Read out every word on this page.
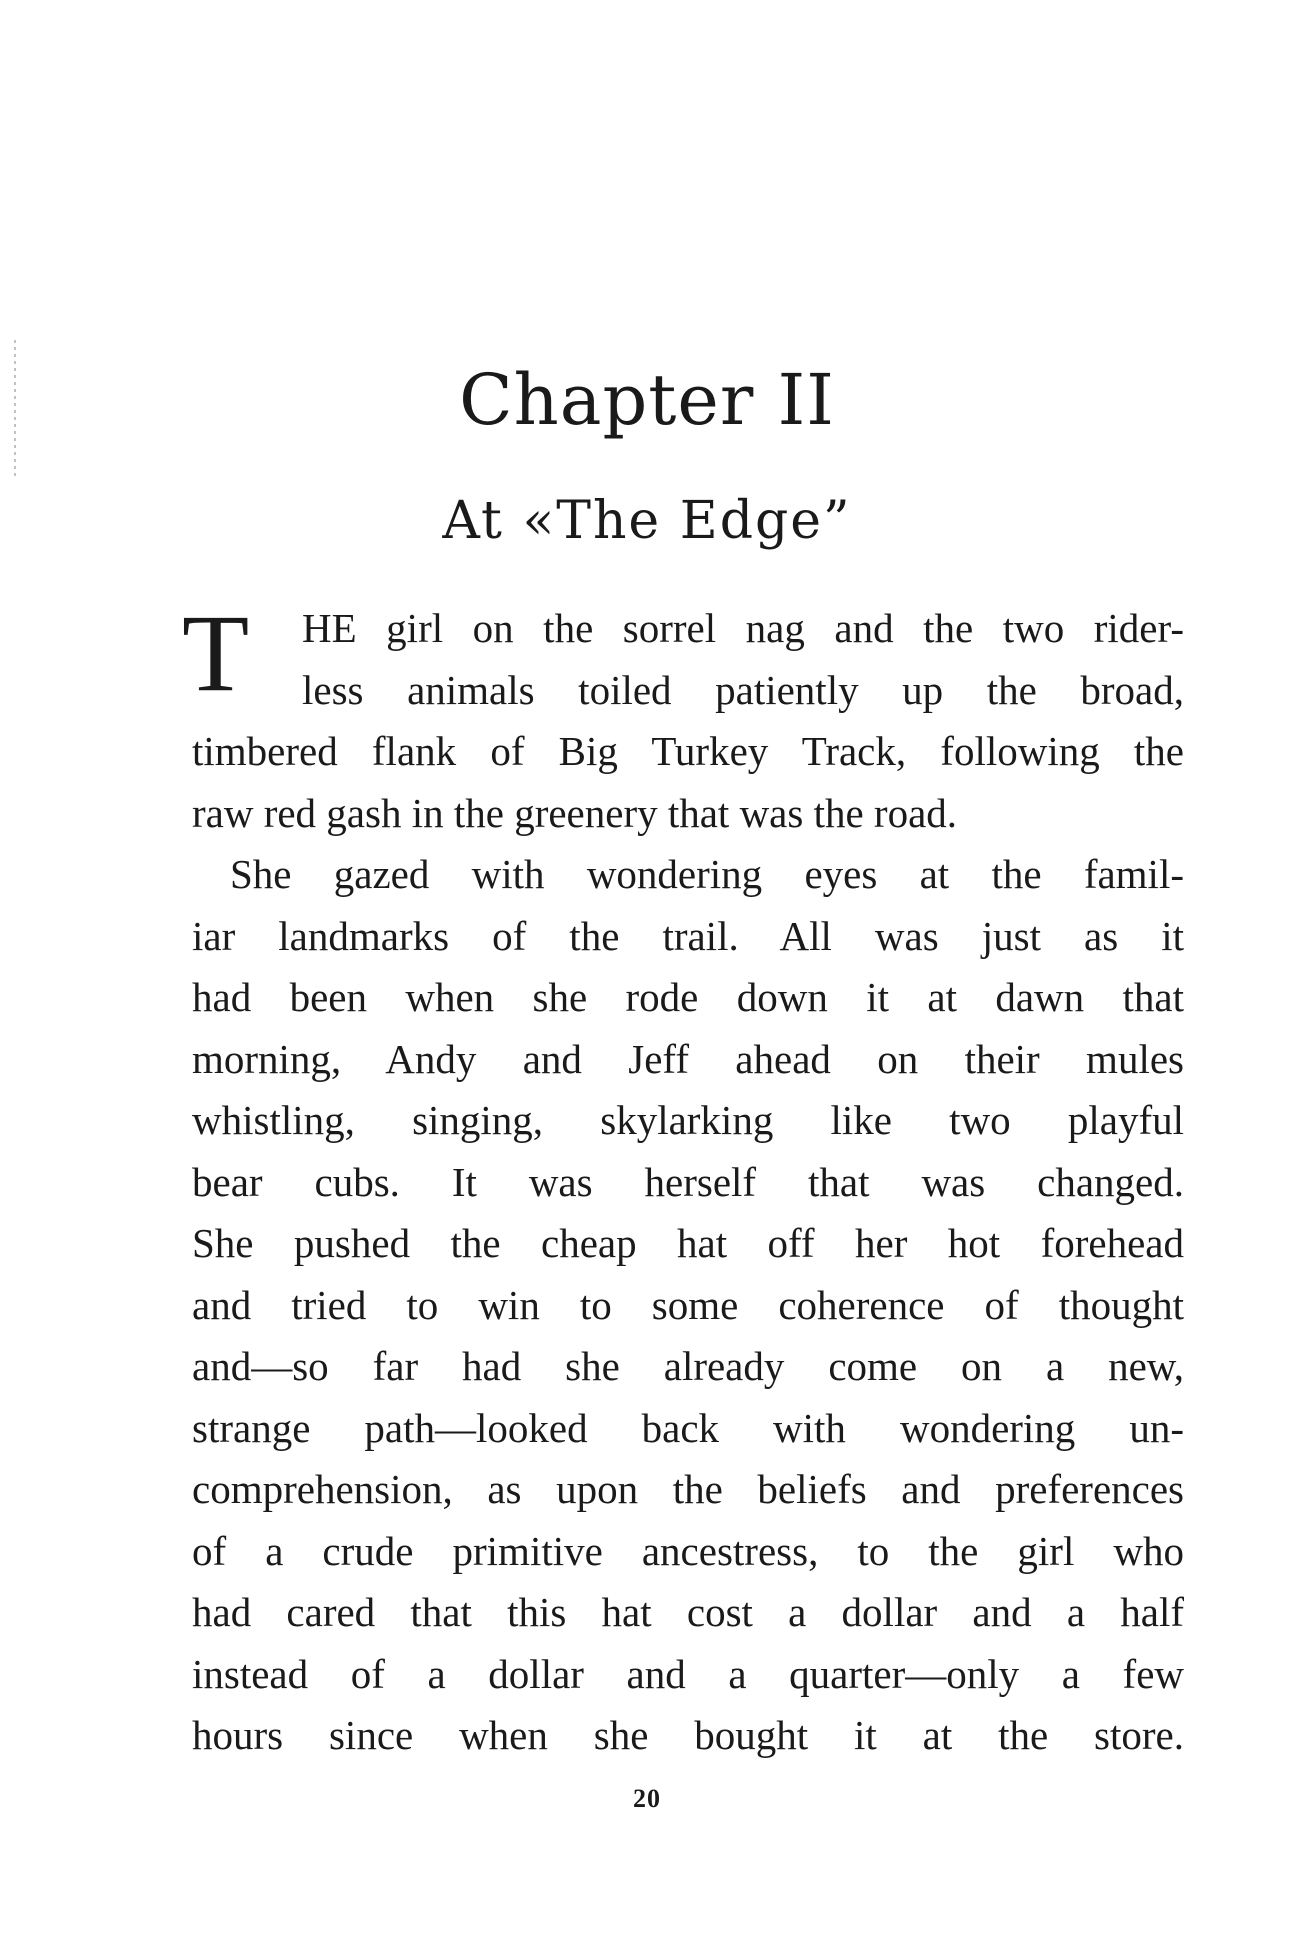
Chapter II
At «The Edge”
T HE girl on the sorrel nag and the two rider-
less animals toiled patiently up the broad,
timbered flank of Big Turkey Track, following the
raw red gash in the greenery that was the road.
She gazed with wondering eyes at the famil-
iar landmarks of the trail. All was just as it
had been when she rode down it at dawn that
morning, Andy and Jeff ahead on their mules
whistling, singing, skylarking like two playful
bear cubs. It was herself that was changed.
She pushed the cheap hat off her hot forehead
and tried to win to some coherence of thought
and—so far had she already come on a new,
strange path—looked back with wondering un-
comprehension, as upon the beliefs and preferences
of a crude primitive ancestress, to the girl who
had cared that this hat cost a dollar and a half
instead of a dollar and a quarter—only a few
hours since when she bought it at the store.
20
